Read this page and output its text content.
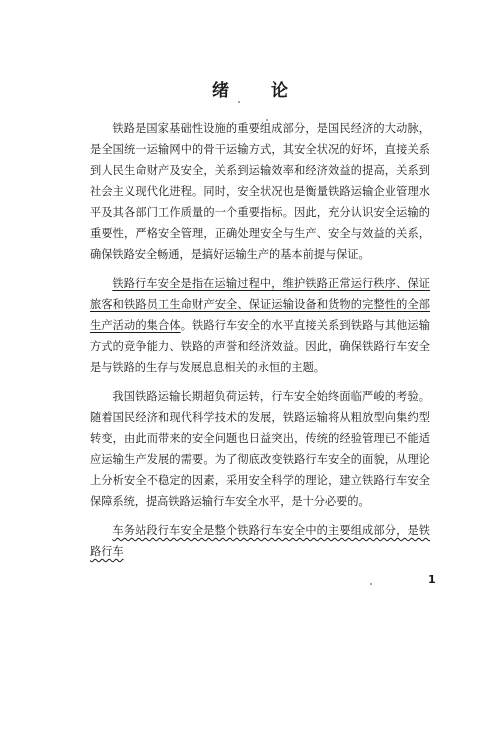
绪 论

铁路是国家基础性设施的重要组成部分，是国民经济的大动脉，是全国统一运输网中的骨干运输方式，其安全状况的好坏，直接关系到人民生命财产及安全，关系到运输效率和经济效益的提高，关系到社会主义现代化进程。同时，安全状况也是衡量铁路运输企业管理水平及其各部门工作质量的一个重要指标。因此，充分认识安全运输的重要性，严格安全管理，正确处理安全与生产、安全与效益的关系，确保铁路安全畅通，是搞好运输生产的基本前提与保证。

铁路行车安全是指在运输过程中，维护铁路正常运行秩序、保证旅客和铁路员工生命财产安全、保证运输设备和货物的完整性的全部生产活动的集合体。铁路行车安全的水平直接关系到铁路与其他运输方式的竞争能力、铁路的声誉和经济效益。因此，确保铁路行车安全是与铁路的生存与发展息息相关的永恒的主题。

我国铁路运输长期超负荷运转，行车安全始终面临严峻的考验。随着国民经济和现代科学技术的发展，铁路运输将从粗放型向集约型转变，由此而带来的安全问题也日益突出，传统的经验管理已不能适应运输生产发展的需要。为了彻底改变铁路行车安全的面貌，从理论上分析安全不稳定的因素，采用安全科学的理论，建立铁路行车安全保障系统，提高铁路运输行车安全水平，是十分必要的。

车务站段行车安全是整个铁路行车安全中的主要组成部分，是铁路行车

1
